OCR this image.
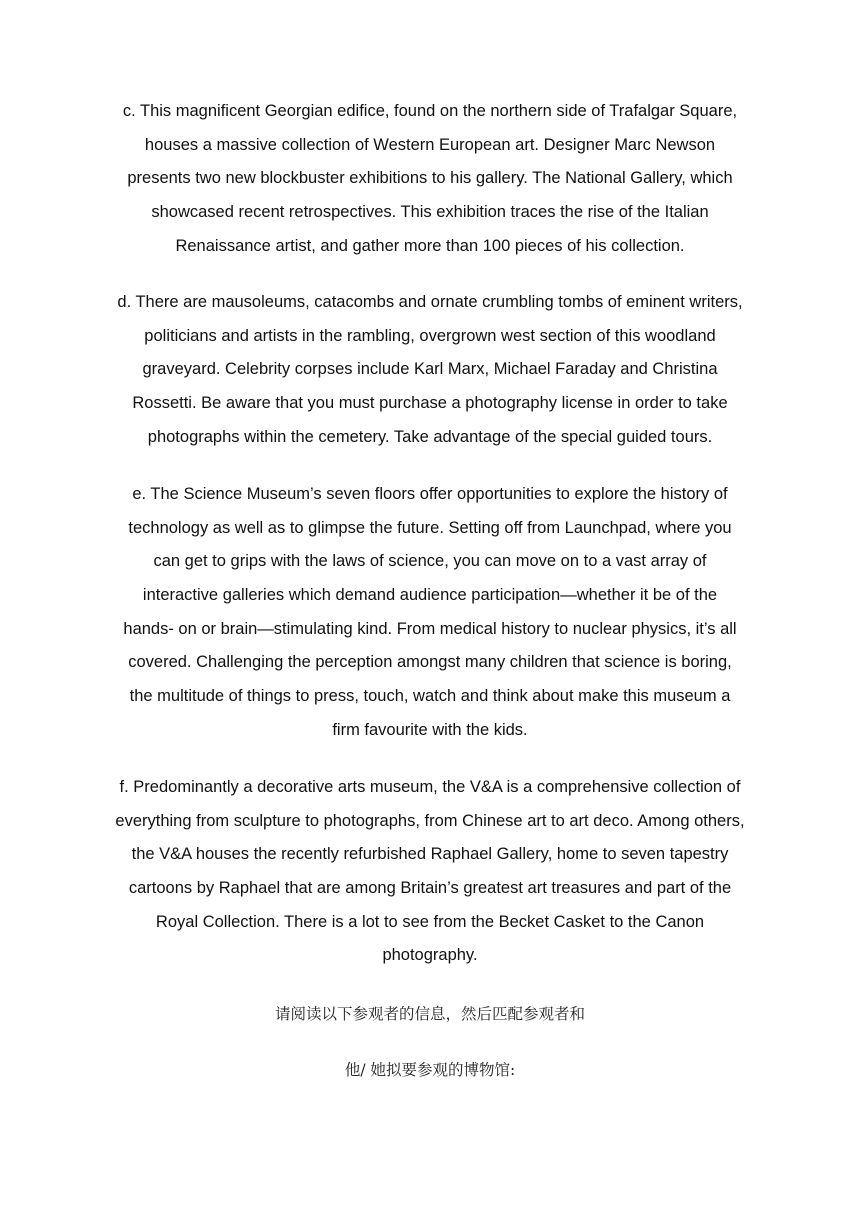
c. This magnificent Georgian edifice, found on the northern side of Trafalgar Square,
houses a massive collection of Western European art. Designer Marc Newson
presents two new blockbuster exhibitions to his gallery. The National Gallery, which
showcased recent retrospectives. This exhibition traces the rise of the Italian
Renaissance artist, and gather more than 100 pieces of his collection.
d. There are mausoleums, catacombs and ornate crumbling tombs of eminent writers,
politicians and artists in the rambling, overgrown west section of this woodland
graveyard. Celebrity corpses include Karl Marx, Michael Faraday and Christina
Rossetti. Be aware that you must purchase a photography license in order to take
photographs within the cemetery. Take advantage of the special guided tours.
e. The Science Museum’s seven floors offer opportunities to explore the history of
technology as well as to glimpse the future. Setting off from Launchpad, where you
can get to grips with the laws of science, you can move on to a vast array of
interactive galleries which demand audience participation—whether it be of the
hands- on or brain—stimulating kind. From medical history to nuclear physics, it’s all
covered. Challenging the perception amongst many children that science is boring,
the multitude of things to press, touch, watch and think about make this museum a
firm favourite with the kids.
f. Predominantly a decorative arts museum, the V&A is a comprehensive collection of
everything from sculpture to photographs, from Chinese art to art deco. Among others,
the V&A houses the recently refurbished Raphael Gallery, home to seven tapestry
cartoons by Raphael that are among Britain’s greatest art treasures and part of the
Royal Collection. There is a lot to see from the Becket Casket to the Canon
photography.
请阅读以下参观者的信息，然后匹配参观者和
他/ 她拟要参观的博物馆:
